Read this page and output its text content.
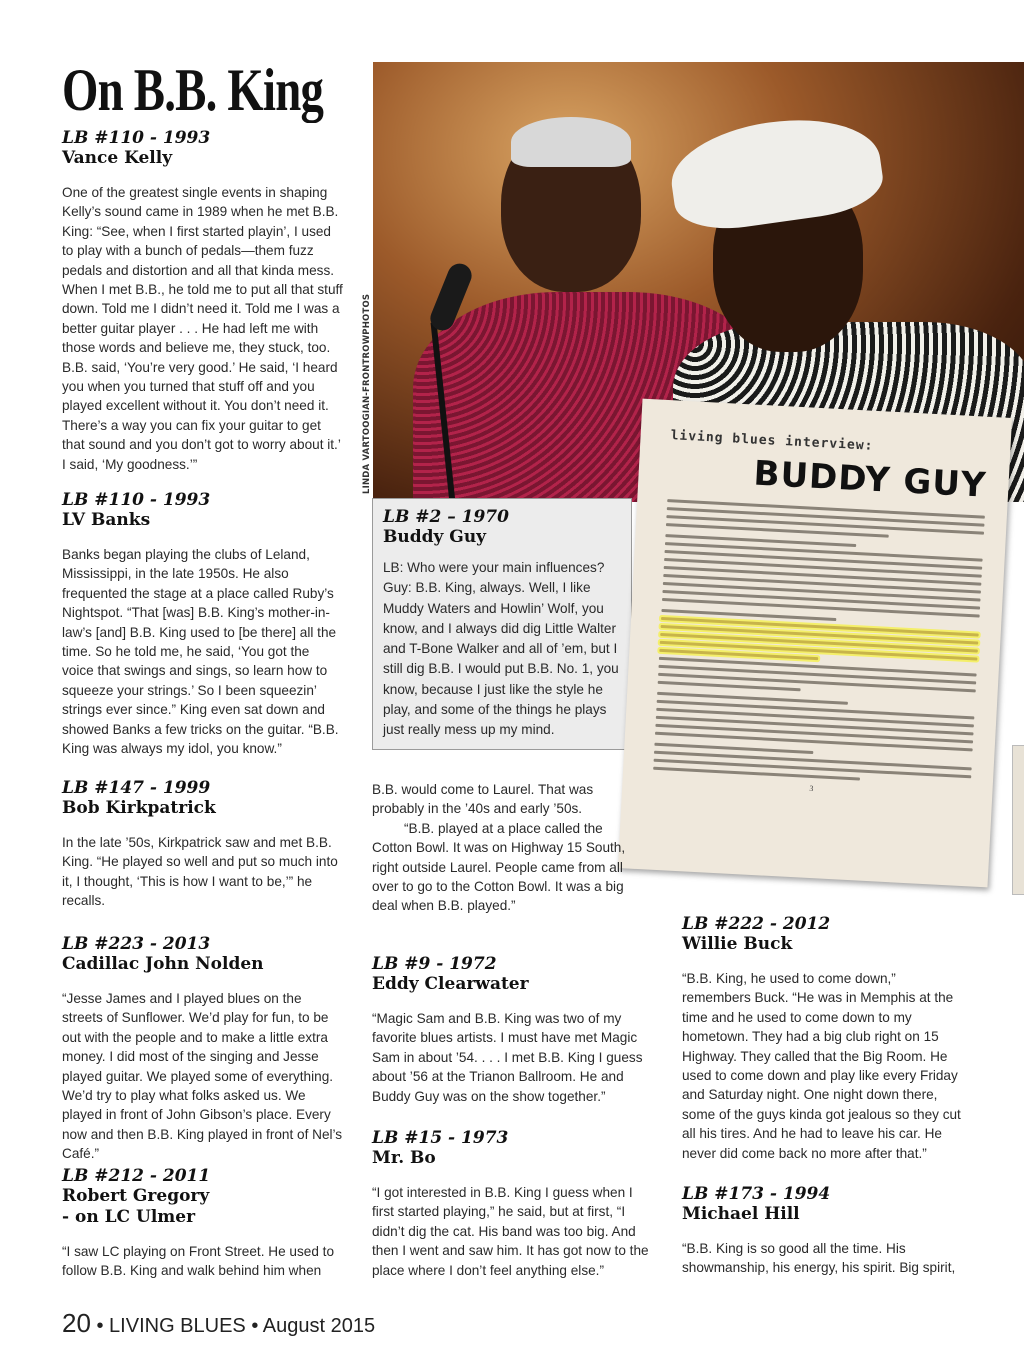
On B.B. King
LB #110 - 1993
Vance Kelly
One of the greatest single events in shaping Kelly’s sound came in 1989 when he met B.B. King: “See, when I first started playin’, I used to play with a bunch of pedals—them fuzz pedals and distortion and all that kinda mess. When I met B.B., he told me to put all that stuff down. Told me I didn’t need it. Told me I was a better guitar player . . . He had left me with those words and believe me, they stuck, too. B.B. said, ‘You’re very good.’ He said, ‘I heard you when you turned that stuff off and you played excellent without it. You don’t need it. There’s a way you can fix your guitar to get that sound and you don’t got to worry about it.’ I said, ‘My goodness.’”
LB #110 - 1993
LV Banks
Banks began playing the clubs of Leland, Mississippi, in the late 1950s. He also frequented the stage at a place called Ruby’s Nightspot. “That [was] B.B. King’s mother-in-law’s [and] B.B. King used to [be there] all the time. So he told me, he said, ‘You got the voice that swings and sings, so learn how to squeeze your strings.’ So I been squeezin’ strings ever since.” King even sat down and showed Banks a few tricks on the guitar. “B.B. King was always my idol, you know.”
LB #147 - 1999
Bob Kirkpatrick
In the late ’50s, Kirkpatrick saw and met B.B. King. “He played so well and put so much into it, I thought, ‘This is how I want to be,’” he recalls.
LB #223 - 2013
Cadillac John Nolden
“Jesse James and I played blues on the streets of Sunflower. We’d play for fun, to be out with the people and to make a little extra money. I did most of the singing and Jesse played guitar. We played some of everything. We’d try to play what folks asked us. We played in front of John Gibson’s place. Every now and then B.B. King played in front of Nel’s Café.”
LB #212 - 2011
Robert Gregory
- on LC Ulmer
“I saw LC playing on Front Street. He used to follow B.B. King and walk behind him when
LINDA VARTOOGIAN-FRONTROWPHOTOS
LB #2 – 1970
Buddy Guy
LB: Who were your main influences? Guy: B.B. King, always. Well, I like Muddy Waters and Howlin’ Wolf, you know, and I always did dig Little Walter and T-Bone Walker and all of ’em, but I still dig B.B. I would put B.B. No. 1, you know, because I just like the style he play, and some of the things he plays just really mess up my mind.
living blues interview:
BUDDY GUY
3
B.B. would come to Laurel. That was probably in the ’40s and early ’50s.
“B.B. played at a place called the Cotton Bowl. It was on Highway 15 South, right outside Laurel. People came from all over to go to the Cotton Bowl. It was a big deal when B.B. played.”
LB #9 - 1972
Eddy Clearwater
“Magic Sam and B.B. King was two of my favorite blues artists. I must have met Magic Sam in about ’54. . . . I met B.B. King I guess about ’56 at the Trianon Ballroom. He and Buddy Guy was on the show together.”
LB #15 - 1973
Mr. Bo
“I got interested in B.B. King I guess when I first started playing,” he said, but at first, “I didn’t dig the cat. His band was too big. And then I went and saw him. It has got now to the place where I don’t feel anything else.”
LB #222 - 2012
Willie Buck
“B.B. King, he used to come down,” remembers Buck. “He was in Memphis at the time and he used to come down to my hometown. They had a big club right on 15 Highway. They called that the Big Room. He used to come down and play like every Friday and Saturday night. One night down there, some of the guys kinda got jealous so they cut all his tires. And he had to leave his car. He never did come back no more after that.”
LB #173 - 1994
Michael Hill
“B.B. King is so good all the time. His showmanship, his energy, his spirit. Big spirit,
20 • LIVING BLUES • August 2015
